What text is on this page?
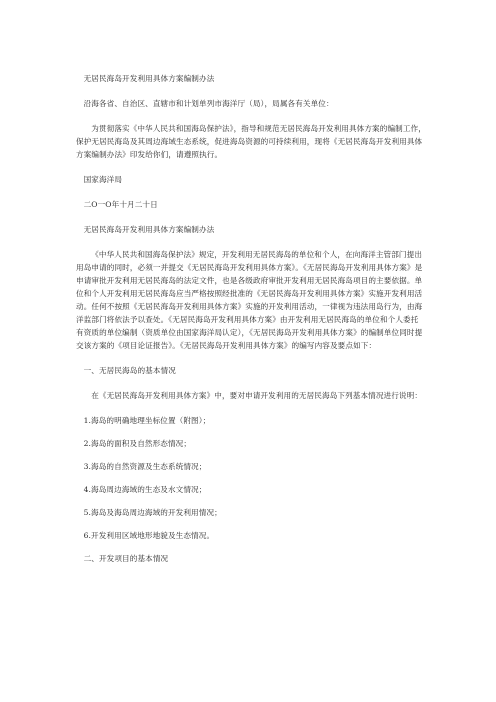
无居民海岛开发利用具体方案编制办法

沿海各省、自治区、直辖市和计划单列市海洋厅（局），局属各有关单位：

为贯彻落实《中华人民共和国海岛保护法》，指导和规范无居民海岛开发利用具体方案的编制工作，保护无居民海岛及其周边海域生态系统，促进海岛资源的可持续利用，现将《无居民海岛开发利用具体方案编制办法》印发给你们，请遵照执行。

国家海洋局

二O一O年十月二十日

无居民海岛开发利用具体方案编制办法

《中华人民共和国海岛保护法》规定，开发利用无居民海岛的单位和个人，在向海洋主管部门提出用岛申请的同时，必须一并提交《无居民海岛开发利用具体方案》。《无居民海岛开发利用具体方案》是申请审批开发利用无居民海岛的法定文件，也是各级政府审批开发利用无居民海岛项目的主要依据。单位和个人开发利用无居民海岛应当严格按照经批准的《无居民海岛开发利用具体方案》实施开发利用活动。任何不按照《无居民海岛开发利用具体方案》实施的开发利用活动，一律视为违法用岛行为，由海洋监部门将依法予以查处。《无居民海岛开发利用具体方案》由开发利用无居民海岛的单位和个人委托有资质的单位编制（资质单位由国家海洋局认定），《无居民海岛开发利用具体方案》的编制单位同时提交该方案的《项目论证报告》。《无居民海岛开发利用具体方案》的编写内容及要点如下：

一、无居民海岛的基本情况

在《无居民海岛开发利用具体方案》中，要对申请开发利用的无居民海岛下列基本情况进行说明：

1.海岛的明确地理坐标位置（附图）；

2.海岛的面积及自然形态情况；

3.海岛的自然资源及生态系统情况；

4.海岛周边海域的生态及水文情况；

5.海岛及海岛周边海域的开发利用情况；

6.开发利用区域地形地貌及生态情况。

二、开发项目的基本情况
